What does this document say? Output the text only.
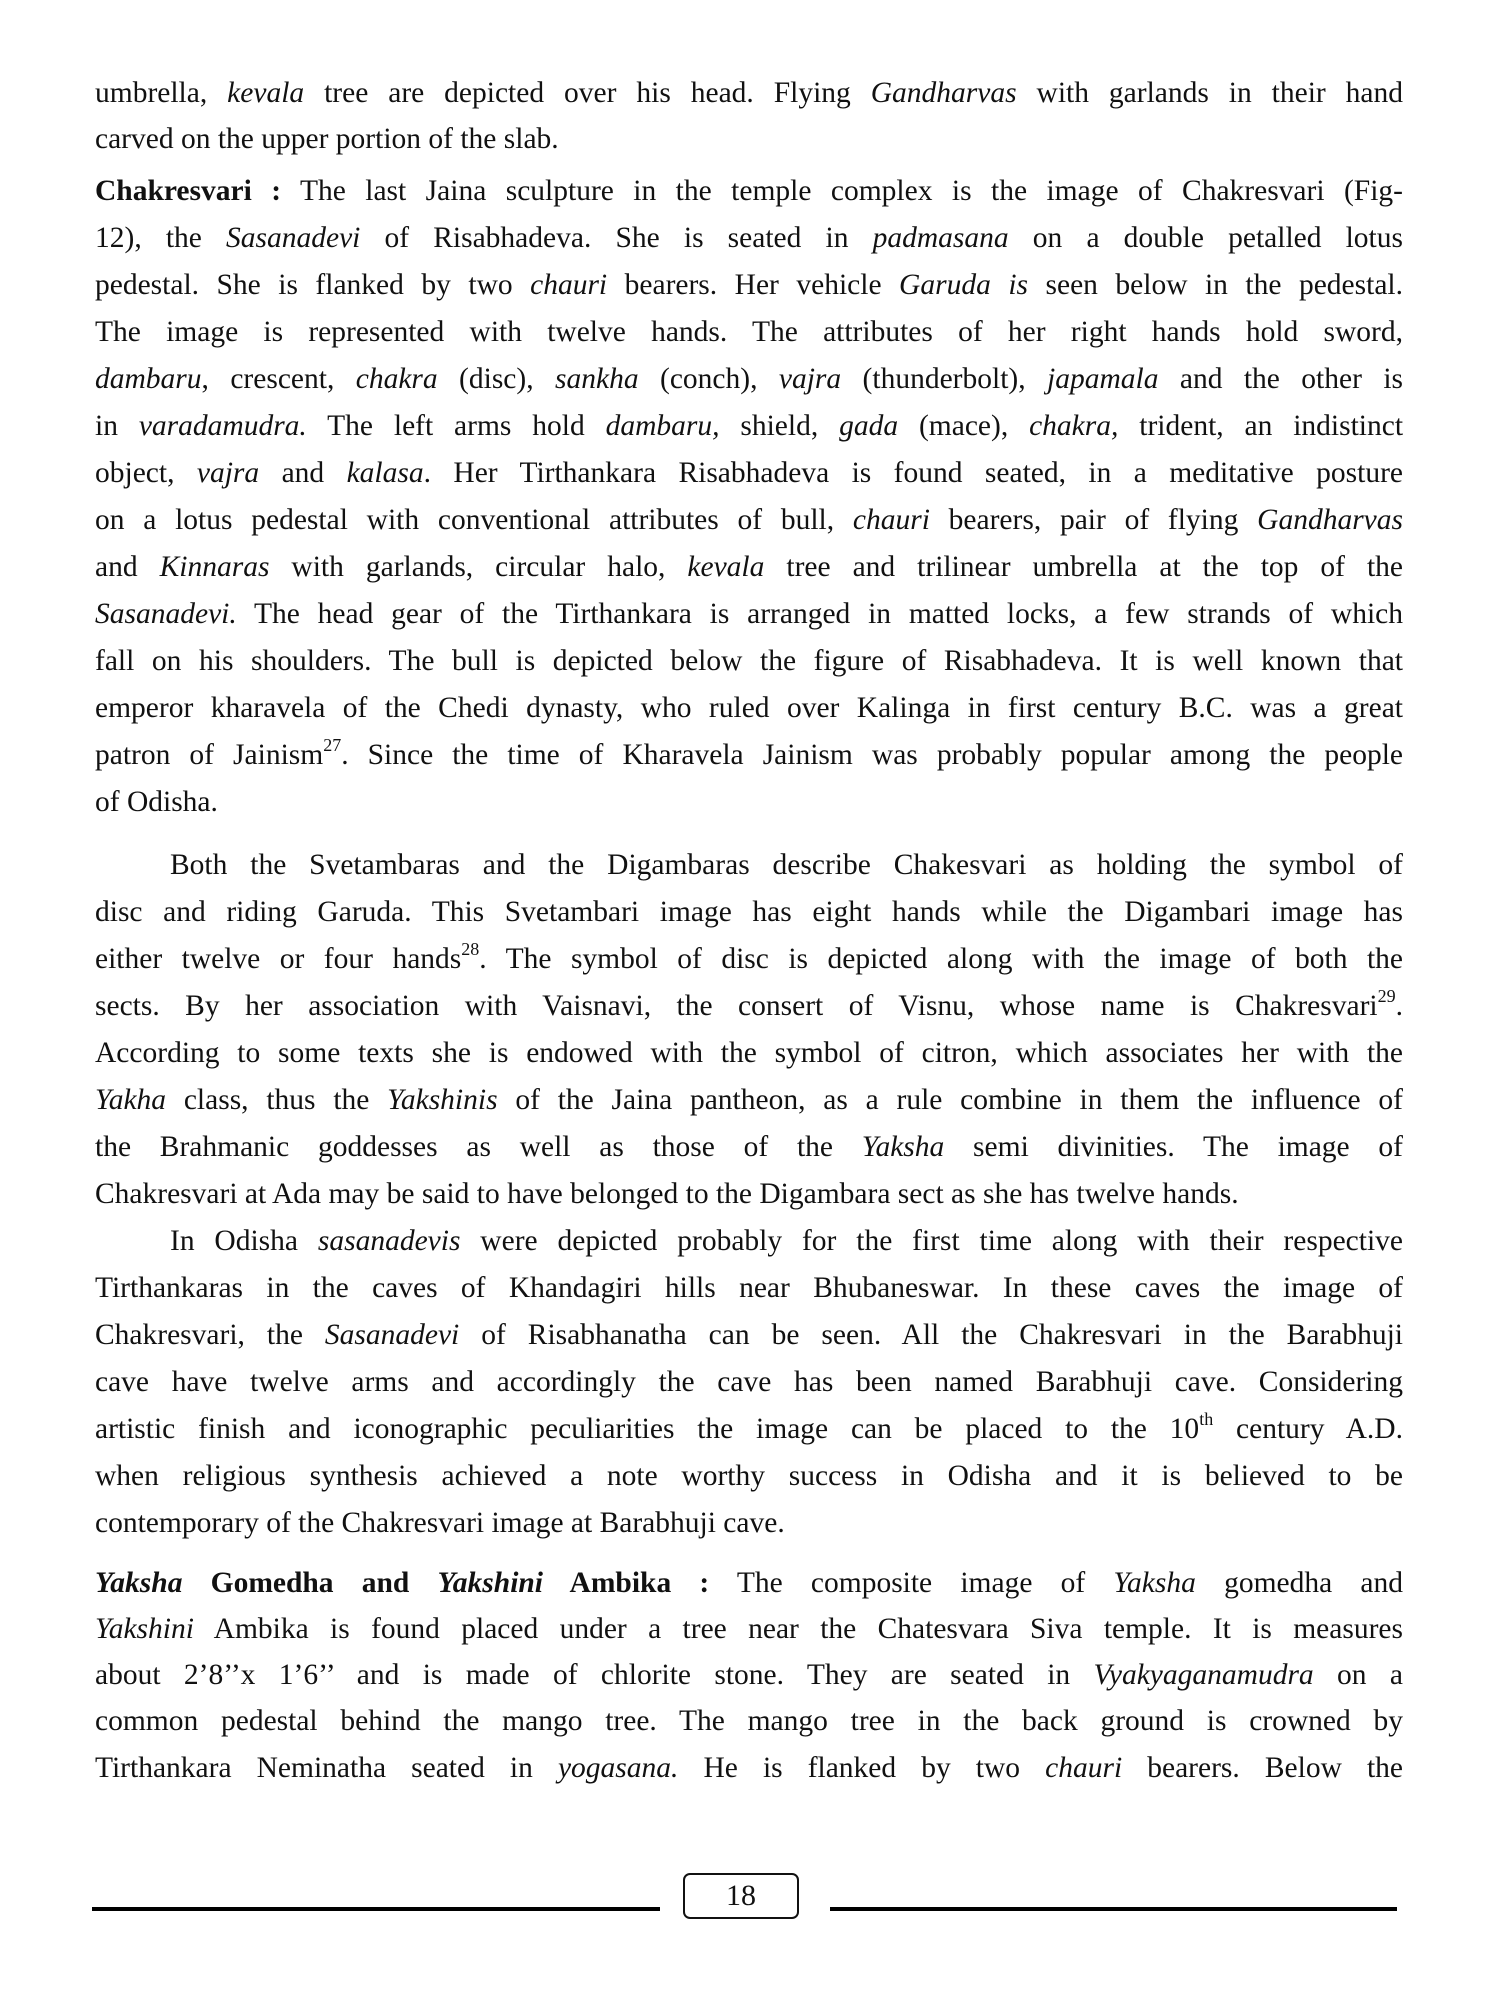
umbrella, kevala tree are depicted over his head. Flying Gandharvas with garlands in their hand
carved on the upper portion of the slab.
Chakresvari : The last Jaina sculpture in the temple complex is the image of Chakresvari (Fig-
12), the Sasanadevi of Risabhadeva. She is seated in padmasana on a double petalled lotus
pedestal. She is flanked by two chauri bearers. Her vehicle Garuda is seen below in the pedestal.
The image is represented with twelve hands. The attributes of her right hands hold sword,
dambaru, crescent, chakra (disc), sankha (conch), vajra (thunderbolt), japamala and the other is
in varadamudra. The left arms hold dambaru, shield, gada (mace), chakra, trident, an indistinct
object, vajra and kalasa. Her Tirthankara Risabhadeva is found seated, in a meditative posture
on a lotus pedestal with conventional attributes of bull, chauri bearers, pair of flying Gandharvas
and Kinnaras with garlands, circular halo, kevala tree and trilinear umbrella at the top of the
Sasanadevi. The head gear of the Tirthankara is arranged in matted locks, a few strands of which
fall on his shoulders. The bull is depicted below the figure of Risabhadeva. It is well known that
emperor kharavela of the Chedi dynasty, who ruled over Kalinga in first century B.C. was a great
patron of Jainism$^{27}$. Since the time of Kharavela Jainism was probably popular among the people
of Odisha.
Both the Svetambaras and the Digambaras describe Chakesvari as holding the symbol of
disc and riding Garuda. This Svetambari image has eight hands while the Digambari image has
either twelve or four hands$^{28}$. The symbol of disc is depicted along with the image of both the
sects. By her association with Vaisnavi, the consert of Visnu, whose name is Chakresvari$^{29}$.
According to some texts she is endowed with the symbol of citron, which associates her with the
Yakha class, thus the Yakshinis of the Jaina pantheon, as a rule combine in them the influence of
the Brahmanic goddesses as well as those of the Yaksha semi divinities. The image of
Chakresvari at Ada may be said to have belonged to the Digambara sect as she has twelve hands.
In Odisha sasanadevis were depicted probably for the first time along with their respective
Tirthankaras in the caves of Khandagiri hills near Bhubaneswar. In these caves the image of
Chakresvari, the Sasanadevi of Risabhanatha can be seen. All the Chakresvari in the Barabhuji
cave have twelve arms and accordingly the cave has been named Barabhuji cave. Considering
artistic finish and iconographic peculiarities the image can be placed to the 10th century A.D.
when religious synthesis achieved a note worthy success in Odisha and it is believed to be
contemporary of the Chakresvari image at Barabhuji cave.
Yaksha Gomedha and Yakshini Ambika : The composite image of Yaksha gomedha and
Yakshini Ambika is found placed under a tree near the Chatesvara Siva temple. It is measures
about 2’8’’x 1’6’’ and is made of chlorite stone. They are seated in Vyakyaganamudra on a
common pedestal behind the mango tree. The mango tree in the back ground is crowned by
Tirthankara Neminatha seated in yogasana. He is flanked by two chauri bearers. Below the
18
